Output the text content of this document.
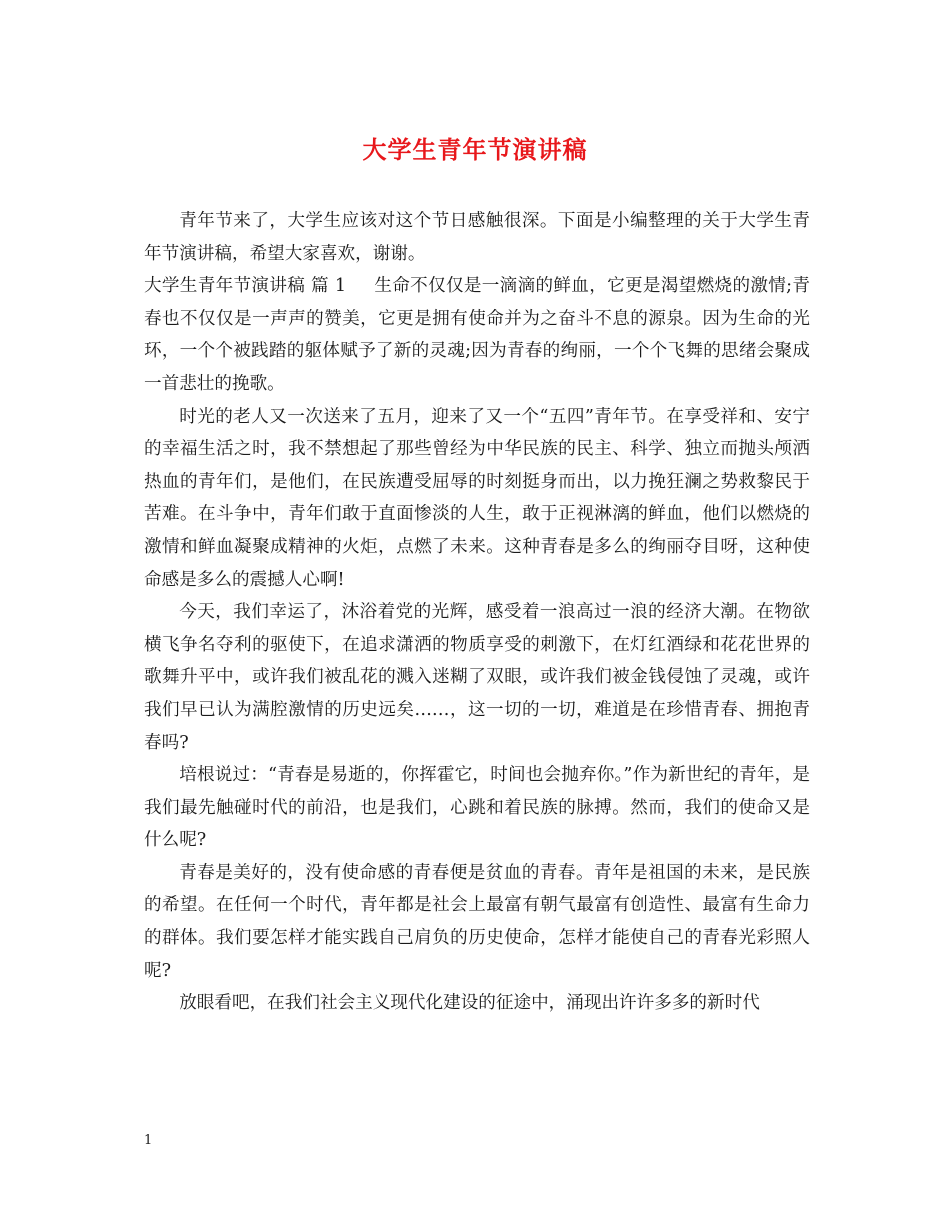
大学生青年节演讲稿

青年节来了，大学生应该对这个节日感触很深。下面是小编整理的关于大学生青年节演讲稿，希望大家喜欢，谢谢。

大学生青年节演讲稿 篇 1 生命不仅仅是一滴滴的鲜血，它更是渴望燃烧的激情;青春也不仅仅是一声声的赞美，它更是拥有使命并为之奋斗不息的源泉。因为生命的光环，一个个被践踏的躯体赋予了新的灵魂;因为青春的绚丽，一个个飞舞的思绪会聚成一首悲壮的挽歌。

时光的老人又一次送来了五月，迎来了又一个“五四”青年节。在享受祥和、安宁的幸福生活之时，我不禁想起了那些曾经为中华民族的民主、科学、独立而抛头颅洒热血的青年们，是他们，在民族遭受屈辱的时刻挺身而出，以力挽狂澜之势救黎民于苦难。在斗争中，青年们敢于直面惨淡的人生，敢于正视淋漓的鲜血，他们以燃烧的激情和鲜血凝聚成精神的火炬，点燃了未来。这种青春是多么的绚丽夺目呀，这种使命感是多么的震撼人心啊!

今天，我们幸运了，沐浴着党的光辉，感受着一浪高过一浪的经济大潮。在物欲横飞争名夺利的驱使下，在追求潇洒的物质享受的刺激下，在灯红酒绿和花花世界的歌舞升平中，或许我们被乱花的溅入迷糊了双眼，或许我们被金钱侵蚀了灵魂，或许我们早已认为满腔激情的历史远矣……，这一切的一切，难道是在珍惜青春、拥抱青春吗?

培根说过：“青春是易逝的，你挥霍它，时间也会抛弃你。”作为新世纪的青年，是我们最先触碰时代的前沿，也是我们，心跳和着民族的脉搏。然而，我们的使命又是什么呢?

青春是美好的，没有使命感的青春便是贫血的青春。青年是祖国的未来，是民族的希望。在任何一个时代，青年都是社会上最富有朝气最富有创造性、最富有生命力的群体。我们要怎样才能实践自己肩负的历史使命，怎样才能使自己的青春光彩照人呢?

放眼看吧，在我们社会主义现代化建设的征途中，涌现出许许多多的新时代

1
